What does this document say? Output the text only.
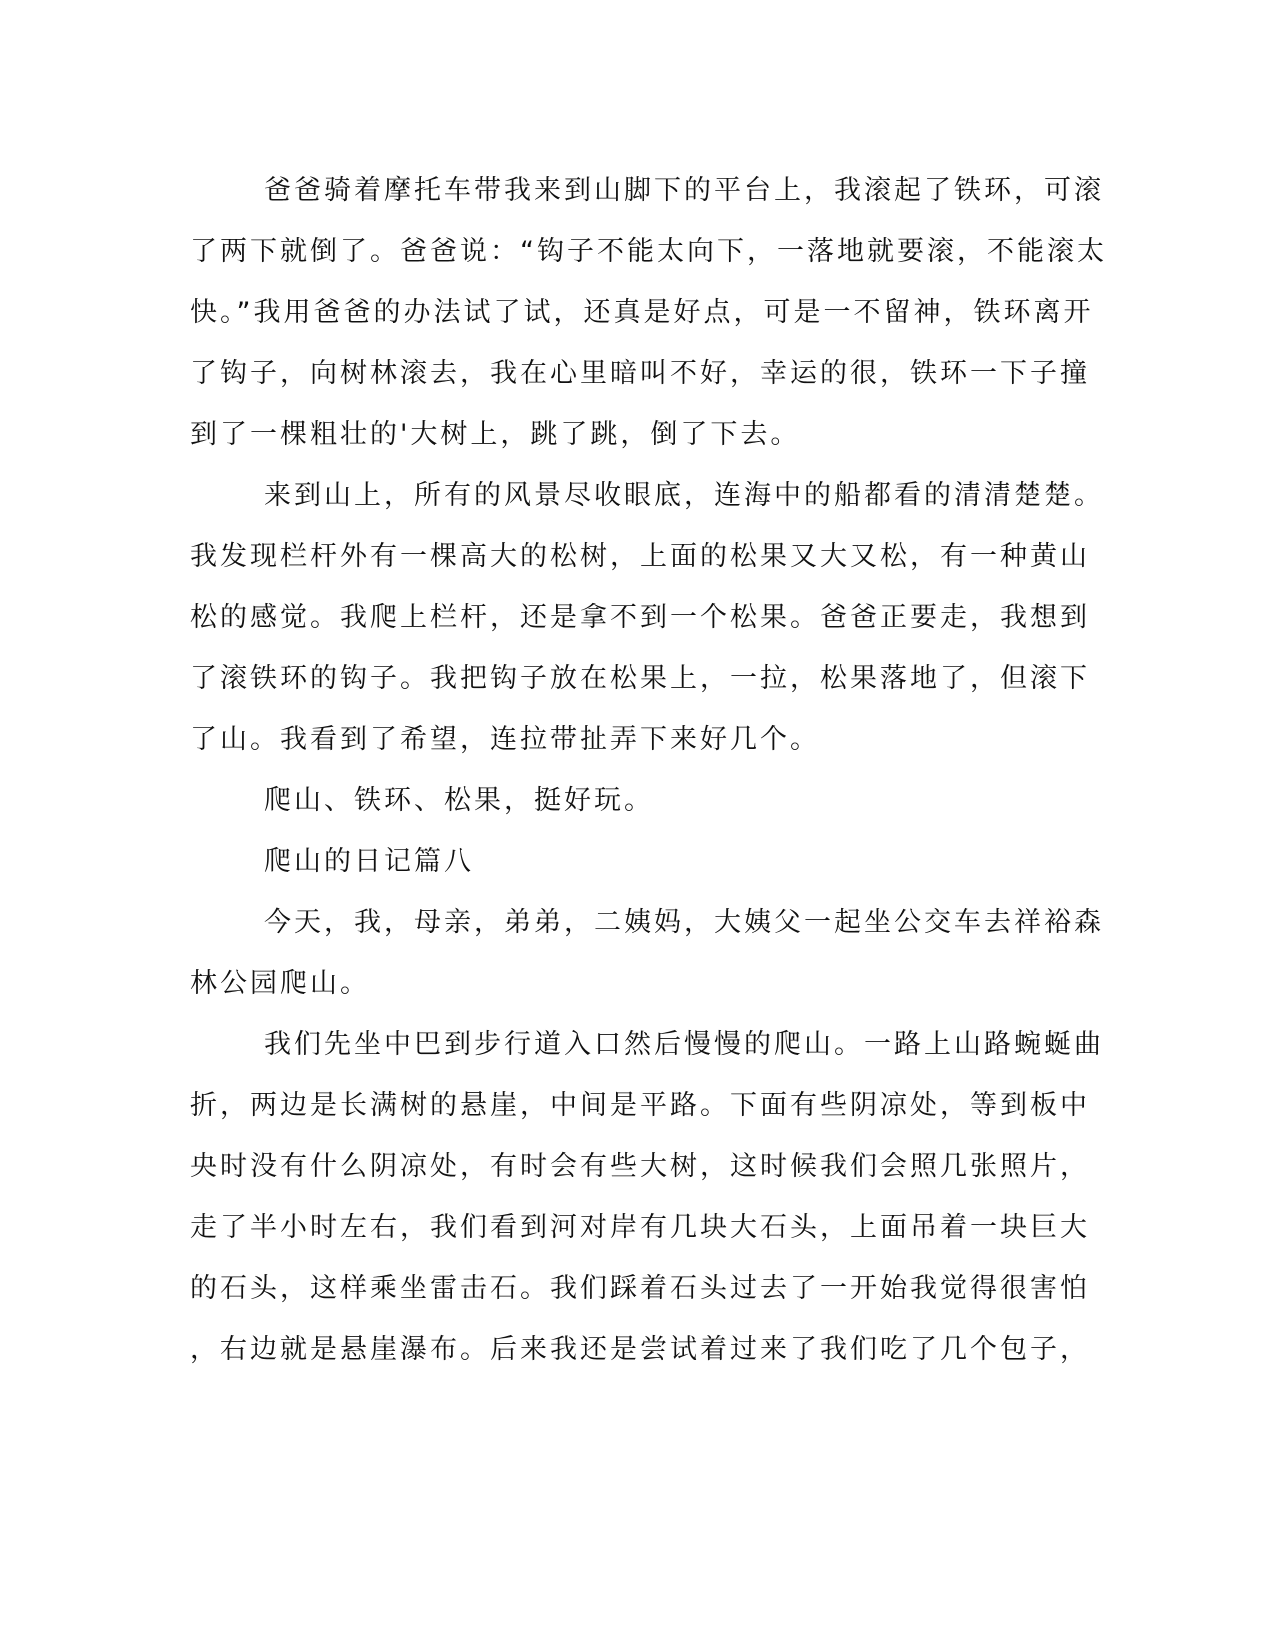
爸爸骑着摩托车带我来到山脚下的平台上，我滚起了铁环，可滚
了两下就倒了。爸爸说：“钩子不能太向下，一落地就要滚，不能滚太
快。”我用爸爸的办法试了试，还真是好点，可是一不留神，铁环离开
了钩子，向树林滚去，我在心里暗叫不好，幸运的很，铁环一下子撞
到了一棵粗壮的'大树上，跳了跳，倒了下去。
来到山上，所有的风景尽收眼底，连海中的船都看的清清楚楚。
我发现栏杆外有一棵高大的松树，上面的松果又大又松，有一种黄山
松的感觉。我爬上栏杆，还是拿不到一个松果。爸爸正要走，我想到
了滚铁环的钩子。我把钩子放在松果上，一拉，松果落地了，但滚下
了山。我看到了希望，连拉带扯弄下来好几个。
爬山、铁环、松果，挺好玩。
爬山的日记篇八
今天，我，母亲，弟弟，二姨妈，大姨父一起坐公交车去祥裕森
林公园爬山。
我们先坐中巴到步行道入口然后慢慢的爬山。一路上山路蜿蜒曲
折，两边是长满树的悬崖，中间是平路。下面有些阴凉处，等到板中
央时没有什么阴凉处，有时会有些大树，这时候我们会照几张照片，
走了半小时左右，我们看到河对岸有几块大石头，上面吊着一块巨大
的石头，这样乘坐雷击石。我们踩着石头过去了一开始我觉得很害怕
，右边就是悬崖瀑布。后来我还是尝试着过来了我们吃了几个包子，
